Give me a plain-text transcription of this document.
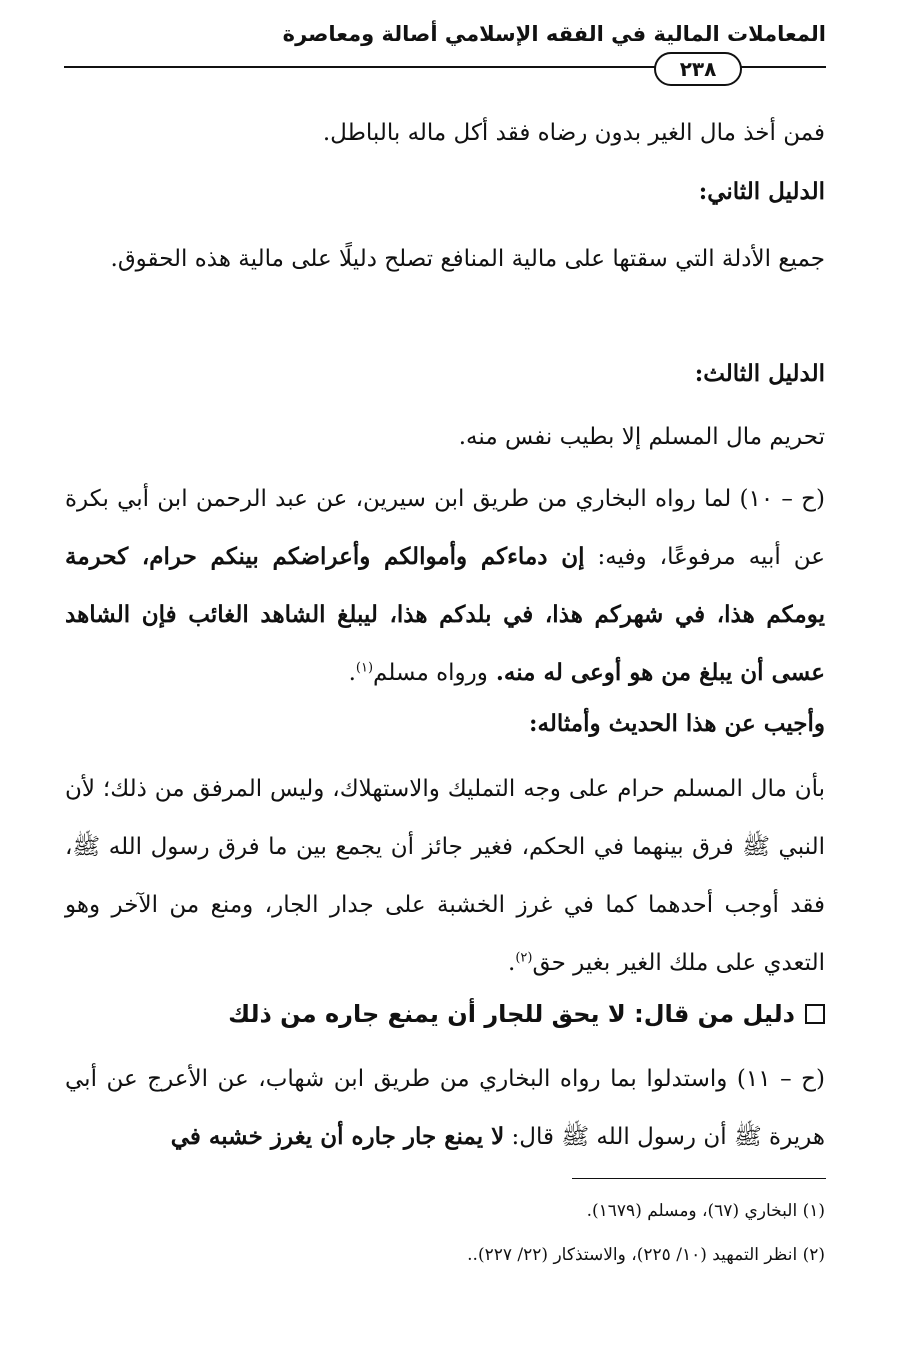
المعاملات المالية في الفقه الإسلامي أصالة ومعاصرة
٢٣٨
فمن أخذ مال الغير بدون رضاه فقد أكل ماله بالباطل.
الدليل الثاني:
جميع الأدلة التي سقتها على مالية المنافع تصلح دليلًا على مالية هذه الحقوق.
الدليل الثالث:
تحريم مال المسلم إلا بطيب نفس منه.
(ح – ١٠) لما رواه البخاري من طريق ابن سيرين، عن عبد الرحمن ابن أبي بكرة عن أبيه مرفوعًا، وفيه: إن دماءكم وأموالكم وأعراضكم بينكم حرام، كحرمة يومكم هذا، في شهركم هذا، في بلدكم هذا، ليبلغ الشاهد الغائب فإن الشاهد عسى أن يبلغ من هو أوعى له منه. ورواه مسلم$^{(١)}$.
وأجيب عن هذا الحديث وأمثاله:
بأن مال المسلم حرام على وجه التمليك والاستهلاك، وليس المرفق من ذلك؛ لأن النبي ﷺ فرق بينهما في الحكم، فغير جائز أن يجمع بين ما فرق رسول الله ﷺ، فقد أوجب أحدهما كما في غرز الخشبة على جدار الجار، ومنع من الآخر وهو التعدي على ملك الغير بغير حق$^{(٢)}$.
دليل من قال: لا يحق للجار أن يمنع جاره من ذلك
(ح – ١١) واستدلوا بما رواه البخاري من طريق ابن شهاب، عن الأعرج عن أبي هريرة ﷺ أن رسول الله ﷺ قال: لا يمنع جار جاره أن يغرز خشبه في
(١) البخاري (٦٧)، ومسلم (١٦٧٩).
(٢) انظر التمهيد (١٠/ ٢٢٥)، والاستذكار (٢٢/ ٢٢٧)..
